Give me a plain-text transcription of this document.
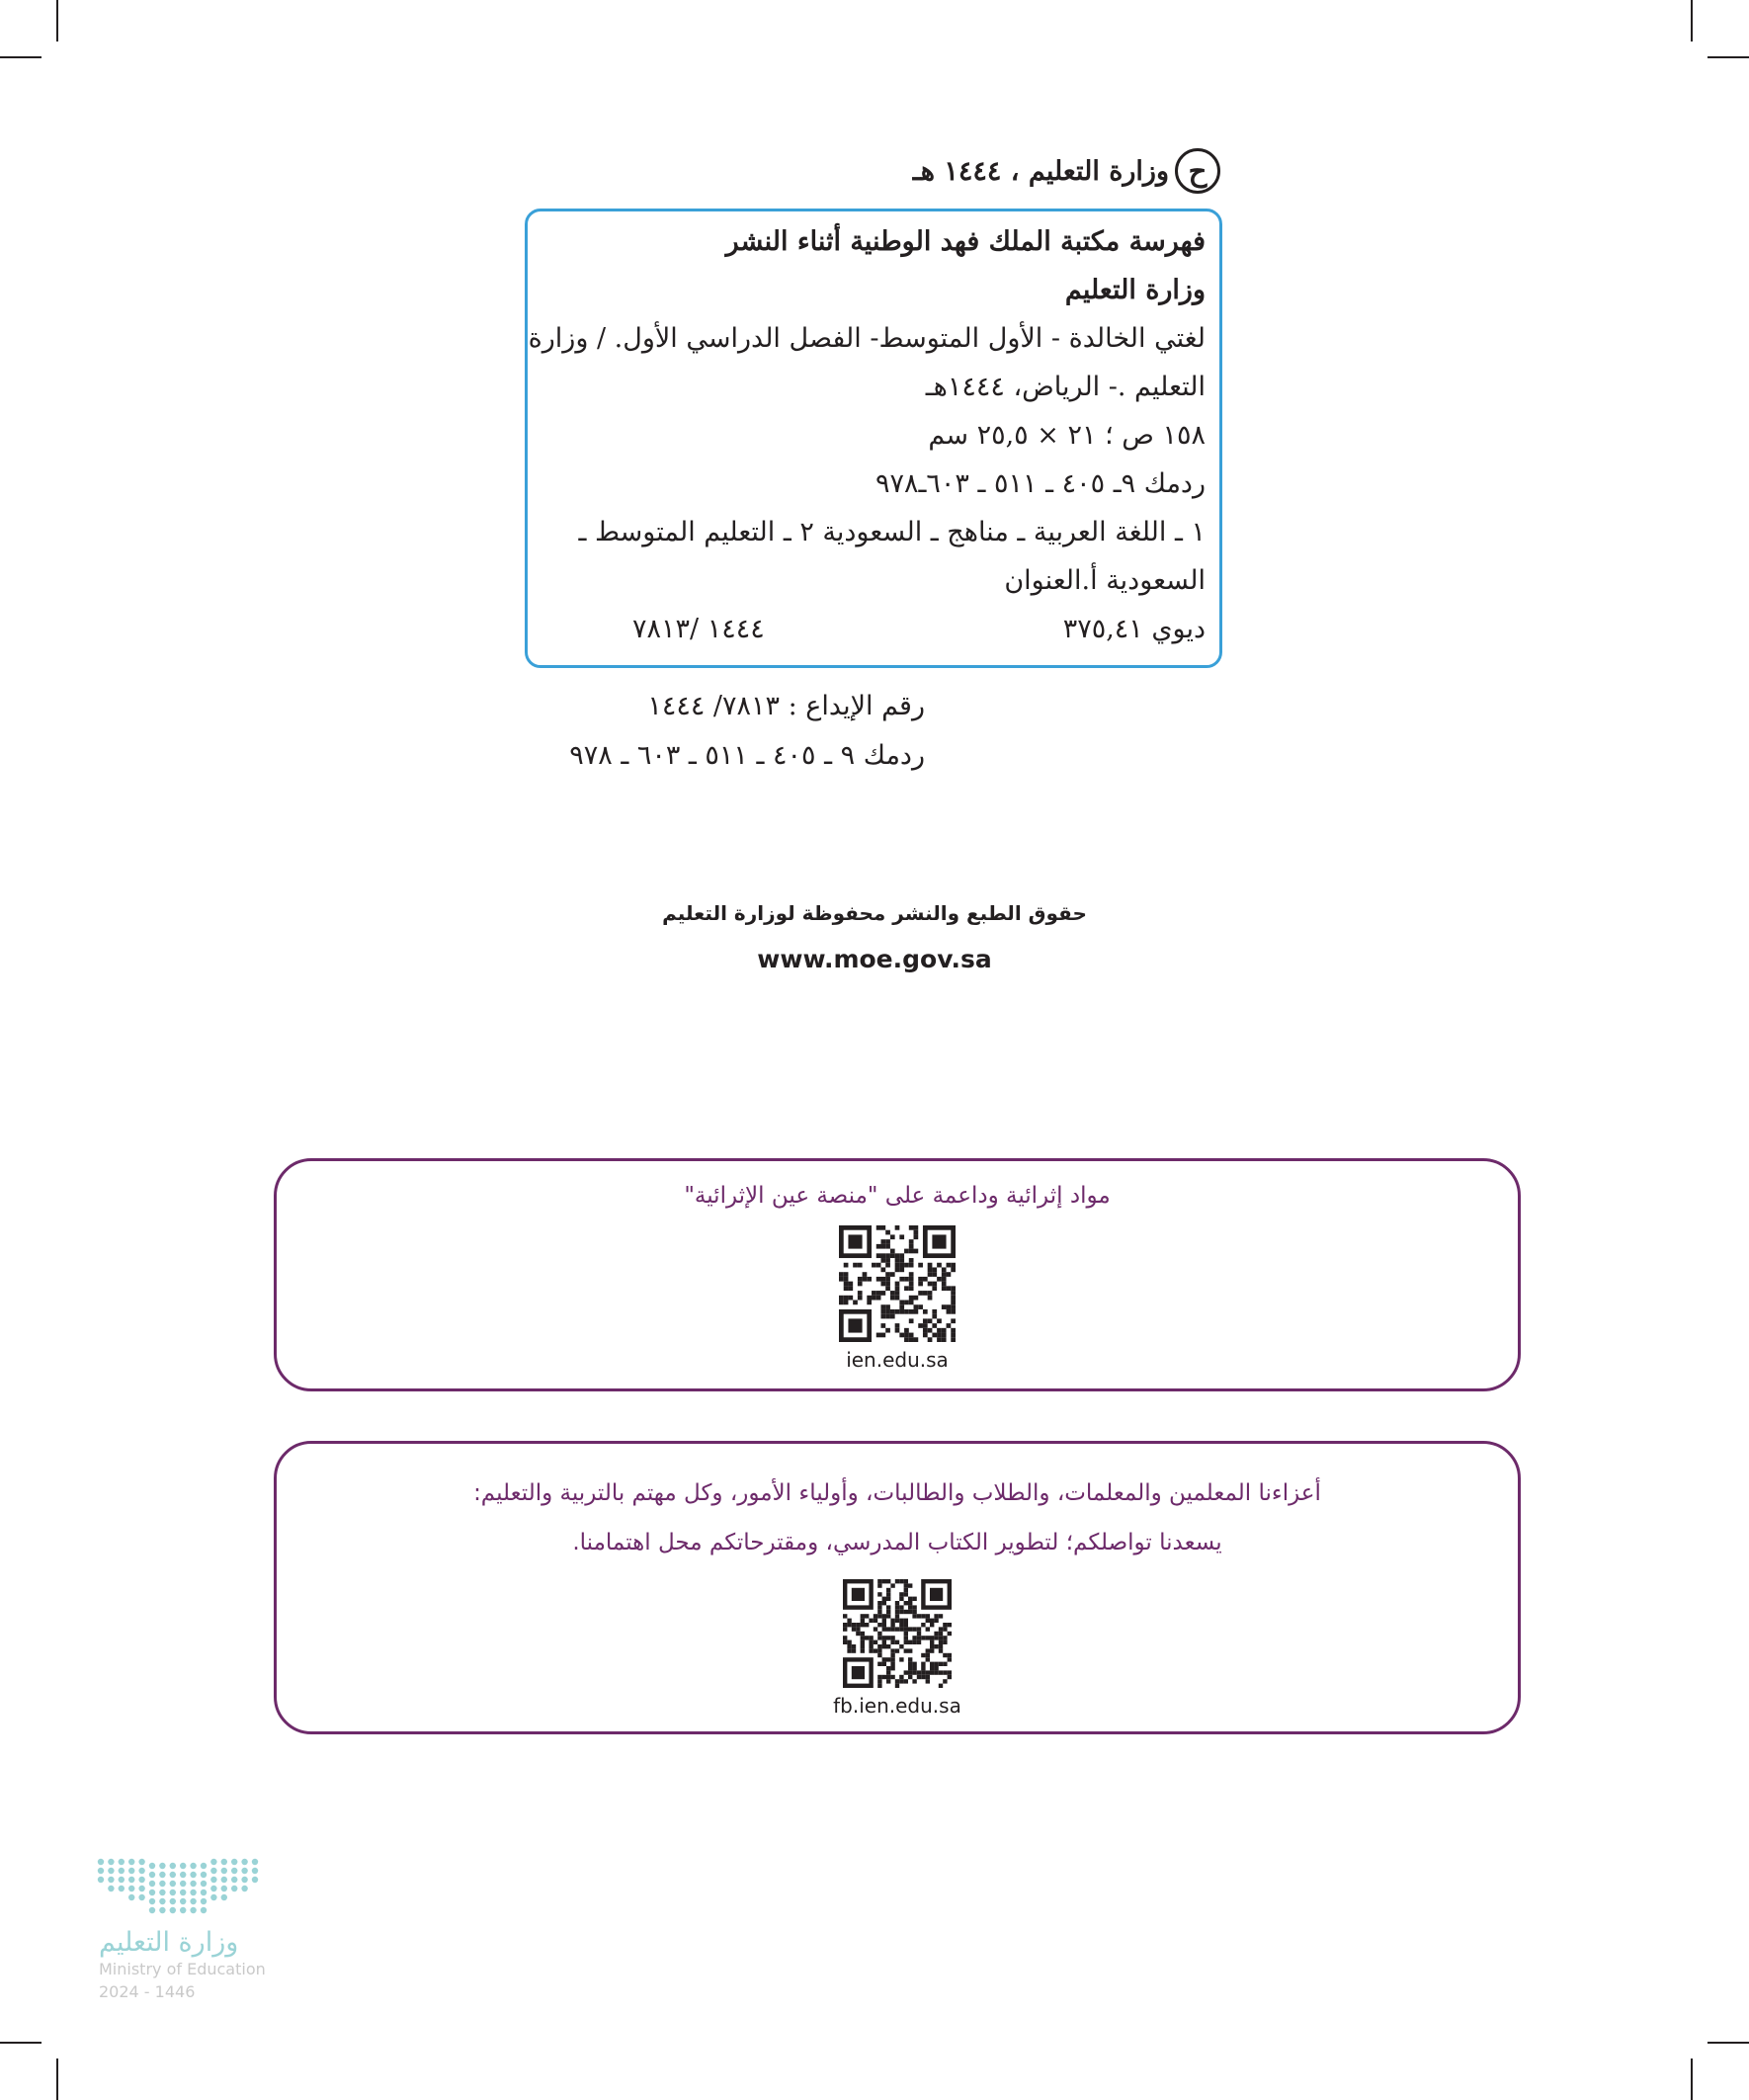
ح
وزارة التعليم ، ١٤٤٤ هـ
فهرسة مكتبة الملك فهد الوطنية أثناء النشر
وزارة التعليم
لغتي الخالدة - الأول المتوسط- الفصل الدراسي الأول. / وزارة
التعليم .- الرياض، ١٤٤٤هـ
١٥٨ ص ؛ ٢١ × ٢٥,٥ سم
ردمك ٩ـ ٤٠٥ ـ ٥١١ ـ ٦٠٣ـ٩٧٨
١ ـ اللغة العربية ـ مناهج ـ السعودية ٢ ـ التعليم المتوسط ـ
السعودية أ.العنوان
ديوي ٣٧٥,٤١
١٤٤٤ /٧٨١٣
رقم الإيداع : ٧٨١٣/ ١٤٤٤
ردمك ٩ ـ ٤٠٥ ـ ٥١١ ـ ٦٠٣ ـ ٩٧٨
حقوق الطبع والنشر محفوظة لوزارة التعليم
www.moe.gov.sa
مواد إثرائية وداعمة على "منصة عين الإثرائية"
ien.edu.sa
أعزاءنا المعلمين والمعلمات، والطلاب والطالبات، وأولياء الأمور، وكل مهتم بالتربية والتعليم:
يسعدنا تواصلكم؛ لتطوير الكتاب المدرسي، ومقترحاتكم محل اهتمامنا.
fb.ien.edu.sa
وزارة التعليم
Ministry of Education
2024 - 1446
